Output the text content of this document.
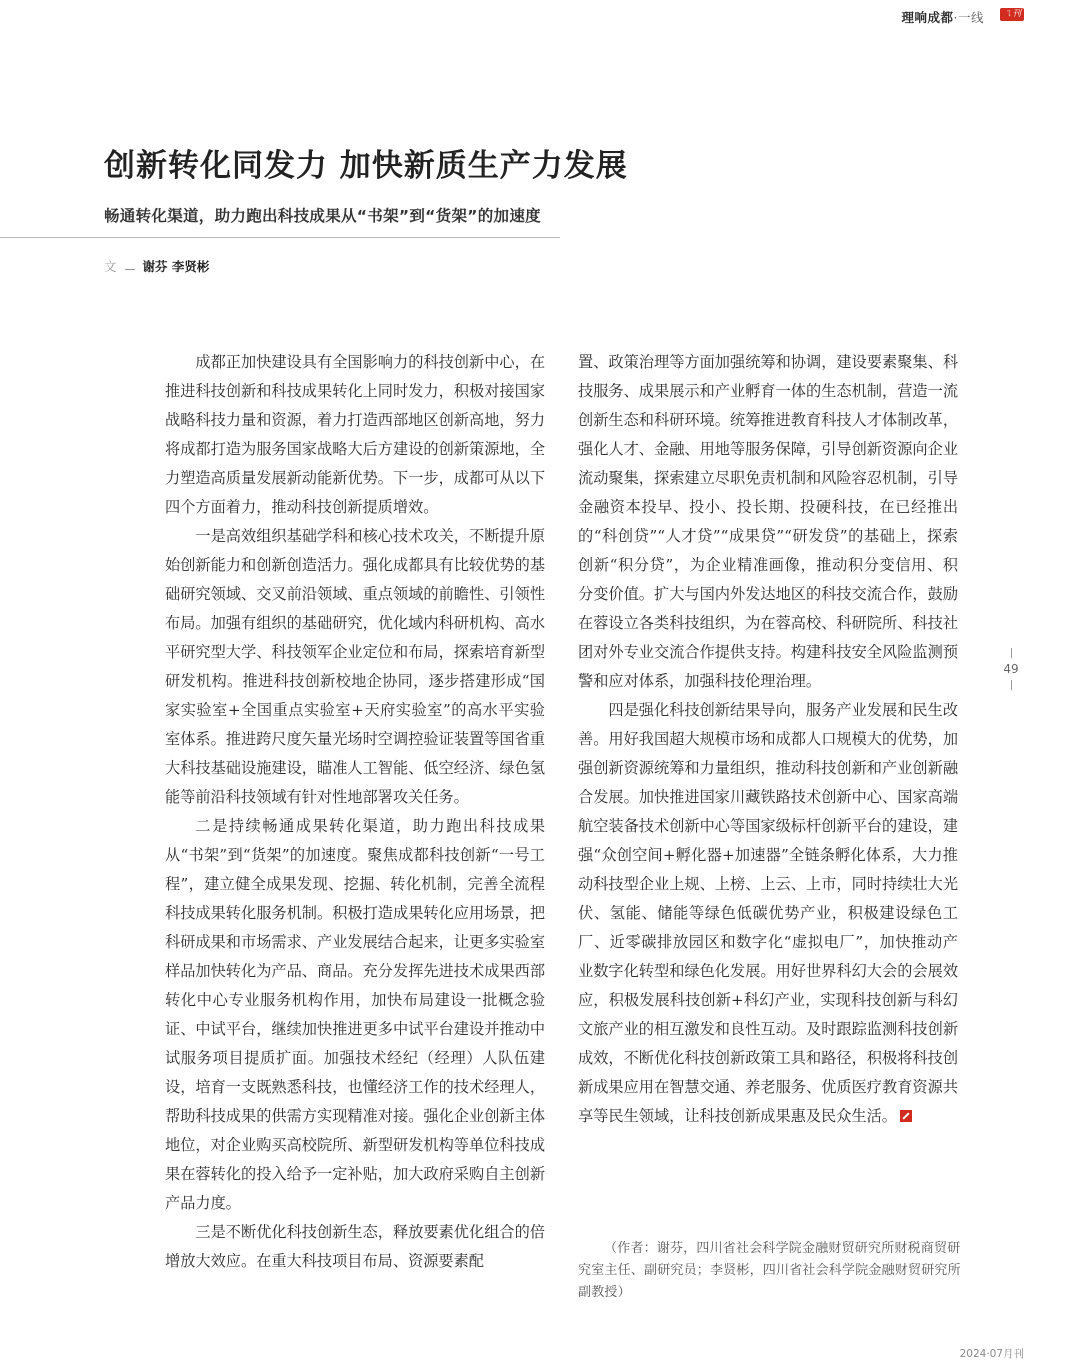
理响成都·一线	ㄟ刊
创新转化同发力 加快新质生产力发展
畅通转化渠道，助力跑出科技成果从“书架”到“货架”的加速度
文 谢芬 李贤彬

成都正加快建设具有全国影响力的科技创新中心，在推进科技创新和科技成果转化上同时发力，积极对接国家战略科技力量和资源，着力打造西部地区创新高地，努力将成都打造为服务国家战略大后方建设的创新策源地，全力塑造高质量发展新动能新优势。下一步，成都可从以下四个方面着力，推动科技创新提质增效。

一是高效组织基础学科和核心技术攻关，不断提升原始创新能力和创新创造活力。强化成都具有比较优势的基础研究领域、交叉前沿领域、重点领域的前瞻性、引领性布局。加强有组织的基础研究，优化域内科研机构、高水平研究型大学、科技领军企业定位和布局，探索培育新型研发机构。推进科技创新校地企协同，逐步搭建形成“国家实验室+全国重点实验室+天府实验室”的高水平实验室体系。推进跨尺度矢量光场时空调控验证装置等国省重大科技基础设施建设，瞄准人工智能、低空经济、绿色氢能等前沿科技领域有针对性地部署攻关任务。

二是持续畅通成果转化渠道，助力跑出科技成果从“书架”到“货架”的加速度。聚焦成都科技创新“一号工程”，建立健全成果发现、挖掘、转化机制，完善全流程科技成果转化服务机制。积极打造成果转化应用场景，把科研成果和市场需求、产业发展结合起来，让更多实验室样品加快转化为产品、商品。充分发挥先进技术成果西部转化中心专业服务机构作用，加快布局建设一批概念验证、中试平台，继续加快推进更多中试平台建设并推动中试服务项目提质扩面。加强技术经纪（经理）人队伍建设，培育一支既熟悉科技，也懂经济工作的技术经理人，帮助科技成果的供需方实现精准对接。强化企业创新主体地位，对企业购买高校院所、新型研发机构等单位科技成果在蓉转化的投入给予一定补贴，加大政府采购自主创新产品力度。

三是不断优化科技创新生态，释放要素优化组合的倍增放大效应。在重大科技项目布局、资源要素配

置、政策治理等方面加强统筹和协调，建设要素聚集、科技服务、成果展示和产业孵育一体的生态机制，营造一流创新生态和科研环境。统筹推进教育科技人才体制改革，强化人才、金融、用地等服务保障，引导创新资源向企业流动聚集，探索建立尽职免责机制和风险容忍机制，引导金融资本投早、投小、投长期、投硬科技，在已经推出的“科创贷”“人才贷”“成果贷”“研发贷”的基础上，探索创新“积分贷”，为企业精准画像，推动积分变信用、积分变价值。扩大与国内外发达地区的科技交流合作，鼓励在蓉设立各类科技组织，为在蓉高校、科研院所、科技社团对外专业交流合作提供支持。构建科技安全风险监测预警和应对体系，加强科技伦理治理。

四是强化科技创新结果导向，服务产业发展和民生改善。用好我国超大规模市场和成都人口规模大的优势，加强创新资源统筹和力量组织，推动科技创新和产业创新融合发展。加快推进国家川藏铁路技术创新中心、国家高端航空装备技术创新中心等国家级标杆创新平台的建设，建强“众创空间+孵化器+加速器”全链条孵化体系，大力推动科技型企业上规、上榜、上云、上市，同时持续壮大光伏、氢能、储能等绿色低碳优势产业，积极建设绿色工厂、近零碳排放园区和数字化“虚拟电厂”，加快推动产业数字化转型和绿色化发展。用好世界科幻大会的会展效应，积极发展科技创新+科幻产业，实现科技创新与科幻文旅产业的相互激发和良性互动。及时跟踪监测科技创新成效，不断优化科技创新政策工具和路径，积极将科技创新成果应用在智慧交通、养老服务、优质医疗教育资源共享等民生领域，让科技创新成果惠及民众生活。

（作者：谢芬，四川省社会科学院金融财贸研究所财税商贸研究室主任、副研究员；李贤彬，四川省社会科学院金融财贸研究所副教授）
49
2024·07月刊
